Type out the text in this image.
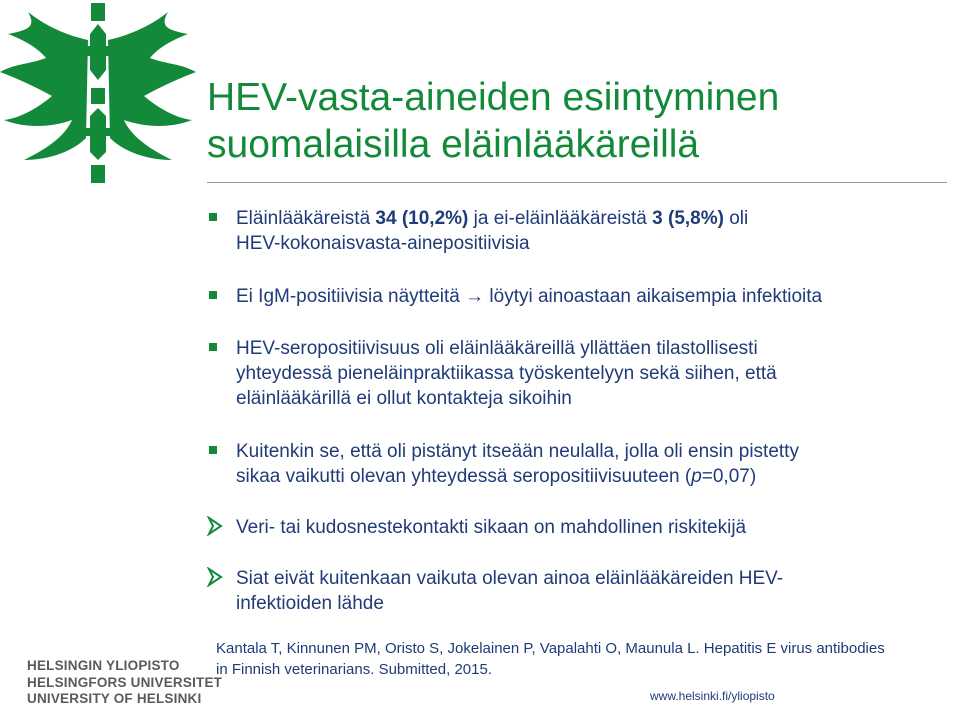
HEV-vasta-aineiden esiintyminen
suomalaisilla eläinlääkäreillä
Eläinlääkäreistä 34 (10,2%) ja ei-eläinlääkäreistä 3 (5,8%) oli
HEV-kokonaisvasta-ainepositiivisia
Ei IgM-positiivisia näytteitä → löytyi ainoastaan aikaisempia infektioita
HEV-seropositiivisuus oli eläinlääkäreillä yllättäen tilastollisesti
yhteydessä pieneläinpraktiikassa työskentelyyn sekä siihen, että
eläinlääkärillä ei ollut kontakteja sikoihin
Kuitenkin se, että oli pistänyt itseään neulalla, jolla oli ensin pistetty
sikaa vaikutti olevan yhteydessä seropositiivisuuteen (p=0,07)
Veri- tai kudosnestekontakti sikaan on mahdollinen riskitekijä
Siat eivät kuitenkaan vaikuta olevan ainoa eläinlääkäreiden HEV-
infektioiden lähde
Kantala T, Kinnunen PM, Oristo S, Jokelainen P, Vapalahti O, Maunula L. Hepatitis E virus antibodies
in Finnish veterinarians. Submitted, 2015.
HELSINGIN YLIOPISTO
HELSINGFORS UNIVERSITET
UNIVERSITY OF HELSINKI	www.helsinki.fi/yliopisto
